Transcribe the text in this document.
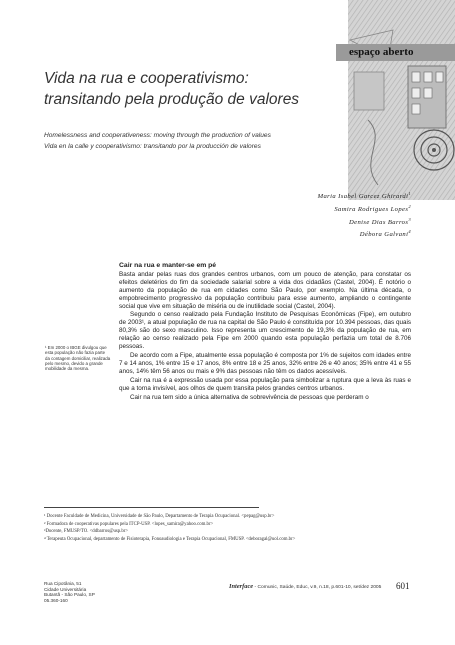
espaço aberto
Vida na rua e cooperativismo:
transitando pela produção de valores
Homelessness and cooperativeness: moving through the production of values
Vida en la calle y cooperativismo: transitando por la producción de valores
Maria Isabel Garcez Ghirardi$^1$
Samira Rodrigues Lopes$^2$
Denise Dias Barros$^3$
Débora Galvani$^4$
Cair na rua e manter-se em pé

Basta andar pelas ruas dos grandes centros urbanos, com um pouco de atenção, para constatar os efeitos deletérios do fim da sociedade salarial sobre a vida dos cidadãos (Castel, 2004). É notório o aumento da população de rua em cidades como São Paulo, por exemplo. Na última década, o empobrecimento progressivo da população contribuiu para esse aumento, ampliando o contingente social que vive em situação de miséria ou de inutilidade social (Castel, 2004).

Segundo o censo realizado pela Fundação Instituto de Pesquisas Econômicas (Fipe), em outubro de 2003¹, a atual população de rua na capital de São Paulo é constituída por 10.394 pessoas, das quais 80,3% são do sexo masculino. Isso representa um crescimento de 19,3% da população de rua, em relação ao censo realizado pela Fipe em 2000 quando esta população perfazia um total de 8.706 pessoas.

De acordo com a Fipe, atualmente essa população é composta por 1% de sujeitos com idades entre 7 e 14 anos, 1% entre 15 e 17 anos, 8% entre 18 e 25 anos, 32% entre 26 e 40 anos; 35% entre 41 e 55 anos, 14% têm 56 anos ou mais e 9% das pessoas não têm os dados acessíveis.

Cair na rua é a expressão usada por essa população para simbolizar a ruptura que a leva às ruas e que a torna invisível, aos olhos de quem transita pelos grandes centros urbanos.

Cair na rua tem sido a única alternativa de sobrevivência de pessoas que perderam o

¹ Em 2000 o IBGE divulgou que esta população não fazia parte da contagem domiciliar, realizada pelo mesmo, devido a grande mobilidade da mesma.
¹ Docente Faculdade de Medicina, Universidade de São Paulo, Departamento de Terapia Ocupacional. <pepag@usp.br>
² Formadora de cooperativas populares pela ITCP-USP. <lopes_samira@yahoo.com.br>
³Docente, FMUSP/TO. <ddbarros@usp.br>
⁴ Terapeuta Ocupacional, departamento de Fisioterapia, Fonoaudiologia e Terapia Ocupacional, FMUSP. <deboragal@uol.com.br>
Rua Cipotânia, 51
Cidade Universitária
Butantã - São Paulo, SP
05.360-160
Interface - Comunic, Saúde, Educ, v.9, n.18, p.601-10, set/dez 2005 601
